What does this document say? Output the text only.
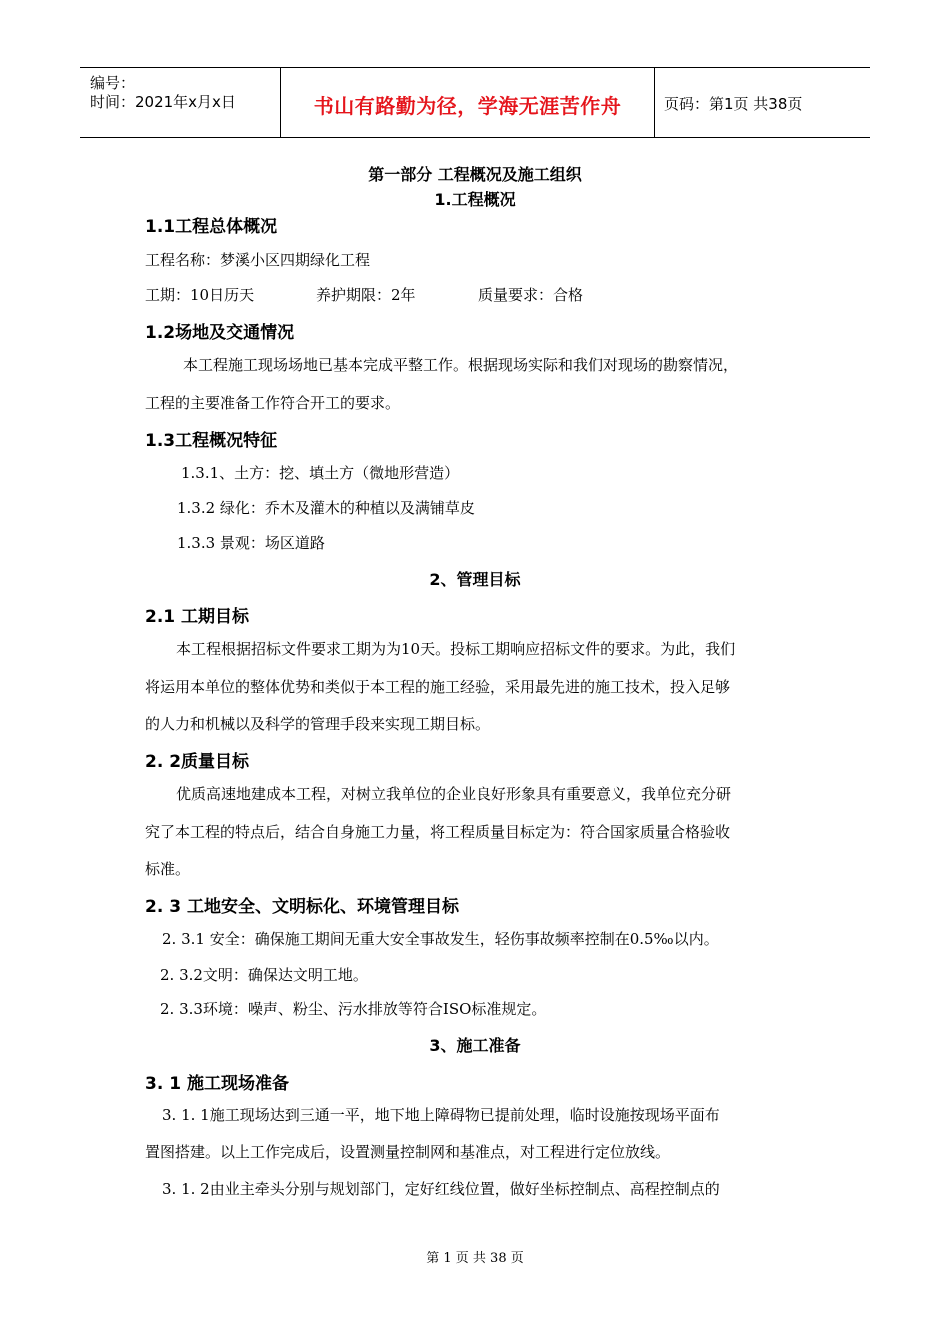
编号：
时间：2021年x月x日	书山有路勤为径，学海无涯苦作舟	页码：第1页 共38页
第一部分 工程概况及施工组织
1.工程概况
1.1工程总体概况
工程名称：梦溪小区四期绿化工程
工期：10日历天	养护期限：2年	质量要求：合格
1.2场地及交通情况
本工程施工现场场地已基本完成平整工作。根据现场实际和我们对现场的勘察情况，
工程的主要准备工作符合开工的要求。
1.3工程概况特征
1.3.1、土方：挖、填土方（微地形营造）
1.3.2 绿化：乔木及灌木的种植以及满铺草皮
1.3.3 景观：场区道路
2、管理目标
2.1 工期目标
本工程根据招标文件要求工期为为10天。投标工期响应招标文件的要求。为此，我们
将运用本单位的整体优势和类似于本工程的施工经验，采用最先进的施工技术，投入足够
的人力和机械以及科学的管理手段来实现工期目标。
2. 2质量目标
优质高速地建成本工程，对树立我单位的企业良好形象具有重要意义，我单位充分研
究了本工程的特点后，结合自身施工力量，将工程质量目标定为：符合国家质量合格验收
标准。
2. 3 工地安全、文明标化、环境管理目标
2. 3.1 安全：确保施工期间无重大安全事故发生，轻伤事故频率控制在0.5‰以内。
2. 3.2文明：确保达文明工地。
2. 3.3环境：噪声、粉尘、污水排放等符合ISO标准规定。
3、施工准备
3. 1 施工现场准备
3. 1. 1施工现场达到三通一平，地下地上障碍物已提前处理，临时设施按现场平面布
置图搭建。以上工作完成后，设置测量控制网和基准点，对工程进行定位放线。
3. 1. 2由业主牵头分别与规划部门，定好红线位置，做好坐标控制点、高程控制点的
第 1 页 共 38 页
